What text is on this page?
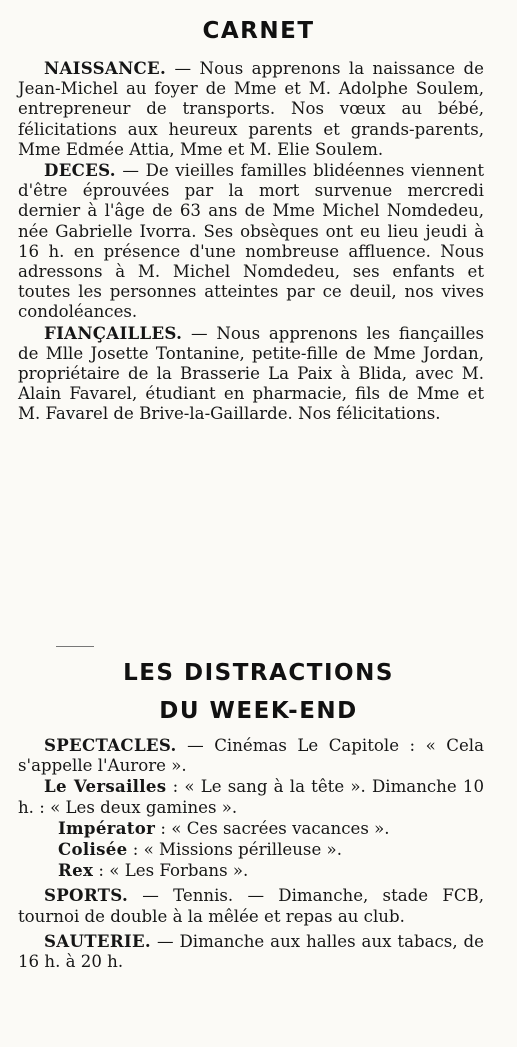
CARNET

NAISSANCE. — Nous apprenons la naissance de Jean-Michel au foyer de Mme et M. Adolphe Soulem, entrepreneur de transports. Nos vœux au bébé, félicitations aux heureux parents et grands-parents, Mme Edmée Attia, Mme et M. Elie Soulem.

DECES. — De vieilles familles blidéennes viennent d'être éprouvées par la mort survenue mercredi dernier à l'âge de 63 ans de Mme Michel Nomdedeu, née Gabrielle Ivorra. Ses obsèques ont eu lieu jeudi à 16 h. en présence d'une nombreuse affluence. Nous adressons à M. Michel Nomdedeu, ses enfants et toutes les personnes atteintes par ce deuil, nos vives condoléances.

FIANÇAILLES. — Nous apprenons les fiançailles de Mlle Josette Tontanine, petite-fille de Mme Jordan, propriétaire de la Brasserie La Paix à Blida, avec M. Alain Favarel, étudiant en pharmacie, fils de Mme et M. Favarel de Brive-la-Gaillarde. Nos félicitations.

LES DISTRACTIONS
DU WEEK-END

SPECTACLES. — Cinémas Le Capitole : « Cela s'appelle l'Aurore ».

Le Versailles : « Le sang à la tête ». Dimanche 10 h. : « Les deux gamines ».

Impérator : « Ces sacrées vacances ».

Colisée : « Missions périlleuse ».

Rex : « Les Forbans ».

SPORTS. — Tennis. — Dimanche, stade FCB, tournoi de double à la mêlée et repas au club.

SAUTERIE. — Dimanche aux halles aux tabacs, de 16 h. à 20 h.
